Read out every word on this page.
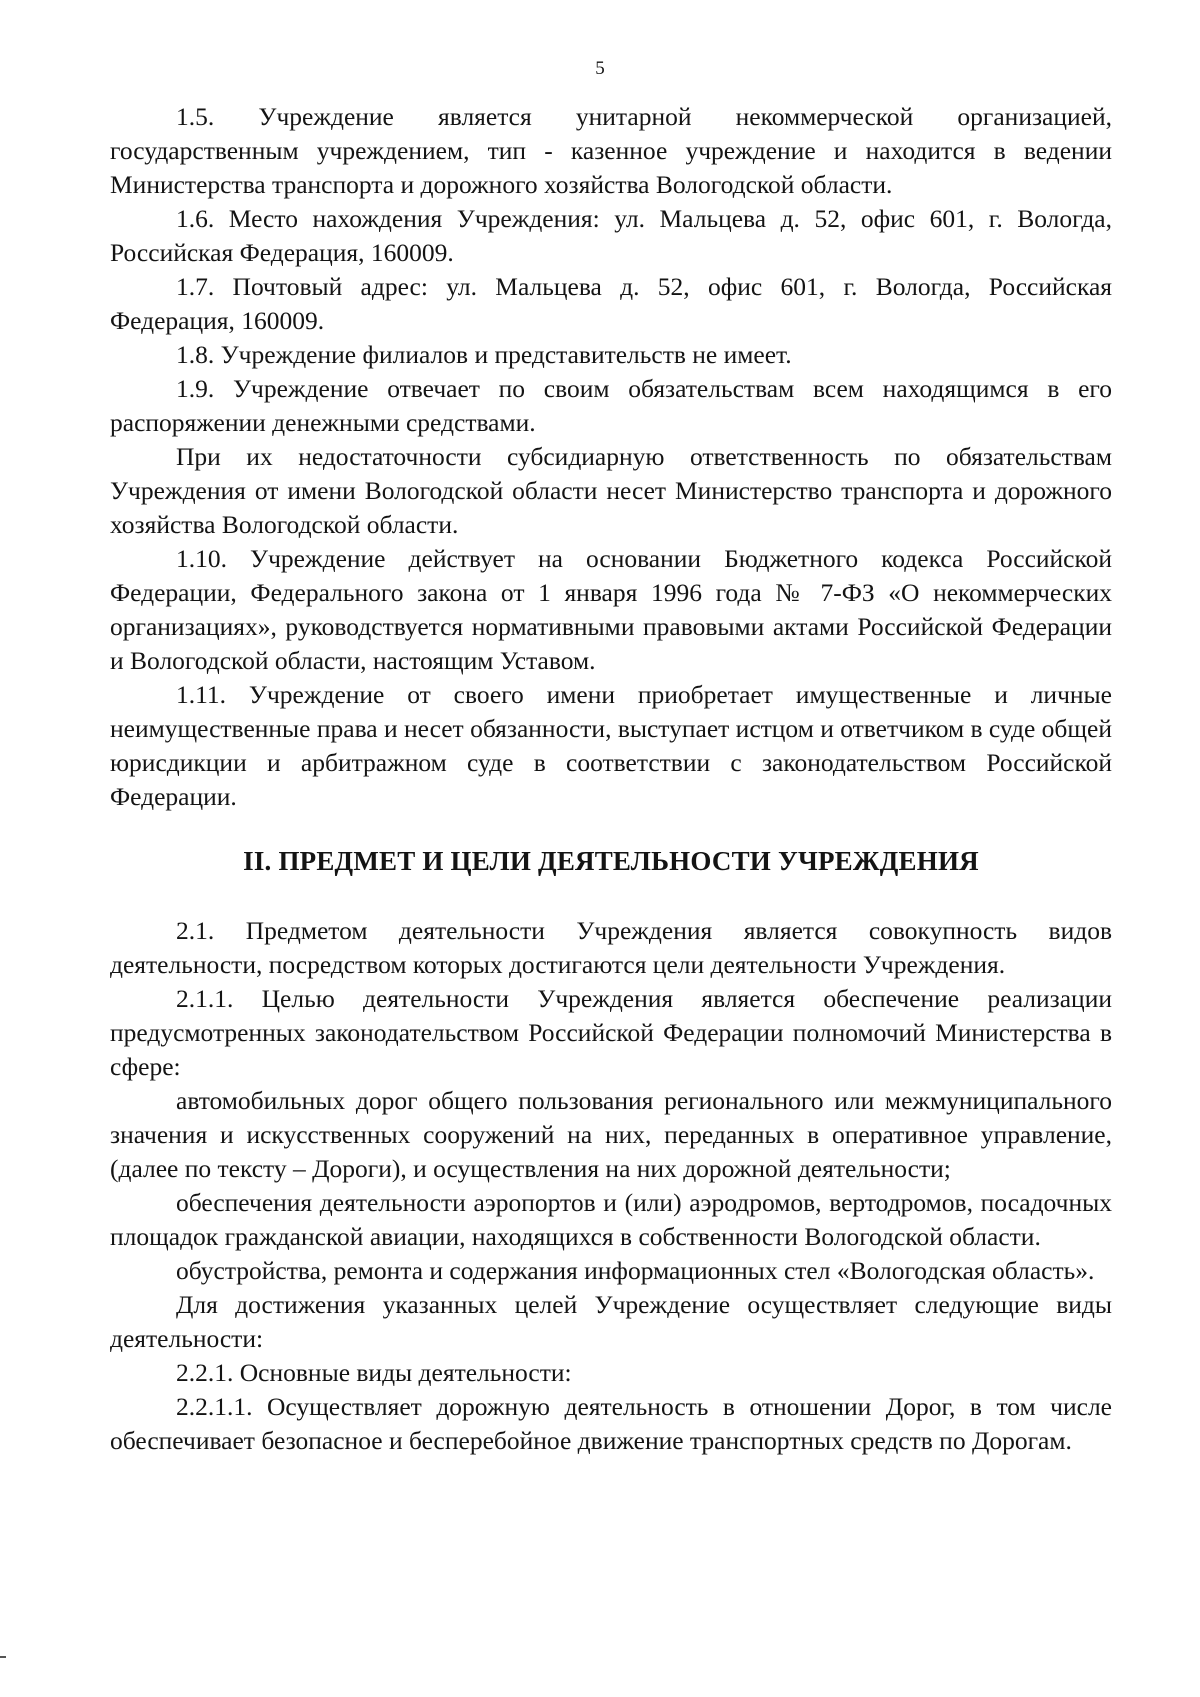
5

1.5. Учреждение является унитарной некоммерческой организацией, государственным учреждением, тип - казенное учреждение и находится в ведении Министерства транспорта и дорожного хозяйства Вологодской области.

1.6. Место нахождения Учреждения: ул. Мальцева д. 52, офис 601, г. Вологда, Российская Федерация, 160009.

1.7. Почтовый адрес: ул. Мальцева д. 52, офис 601, г. Вологда, Российская Федерация, 160009.

1.8. Учреждение филиалов и представительств не имеет.

1.9. Учреждение отвечает по своим обязательствам всем находящимся в его распоряжении денежными средствами.

При их недостаточности субсидиарную ответственность по обязательствам Учреждения от имени Вологодской области несет Министерство транспорта и дорожного хозяйства Вологодской области.

1.10. Учреждение действует на основании Бюджетного кодекса Российской Федерации, Федерального закона от 1 января 1996 года № 7-ФЗ «О некоммерческих организациях», руководствуется нормативными правовыми актами Российской Федерации и Вологодской области, настоящим Уставом.

1.11. Учреждение от своего имени приобретает имущественные и личные неимущественные права и несет обязанности, выступает истцом и ответчиком в суде общей юрисдикции и арбитражном суде в соответствии с законодательством Российской Федерации.

II. ПРЕДМЕТ И ЦЕЛИ ДЕЯТЕЛЬНОСТИ УЧРЕЖДЕНИЯ

2.1. Предметом деятельности Учреждения является совокупность видов деятельности, посредством которых достигаются цели деятельности Учреждения.

2.1.1. Целью деятельности Учреждения является обеспечение реализации предусмотренных законодательством Российской Федерации полномочий Министерства в сфере:

автомобильных дорог общего пользования регионального или межмуниципального значения и искусственных сооружений на них, переданных в оперативное управление, (далее по тексту – Дороги), и осуществления на них дорожной деятельности;

обеспечения деятельности аэропортов и (или) аэродромов, вертодромов, посадочных площадок гражданской авиации, находящихся в собственности Вологодской области.

обустройства, ремонта и содержания информационных стел «Вологодская область».

Для достижения указанных целей Учреждение осуществляет следующие виды деятельности:

2.2.1. Основные виды деятельности:

2.2.1.1. Осуществляет дорожную деятельность в отношении Дорог, в том числе обеспечивает безопасное и бесперебойное движение транспортных средств по Дорогам.
